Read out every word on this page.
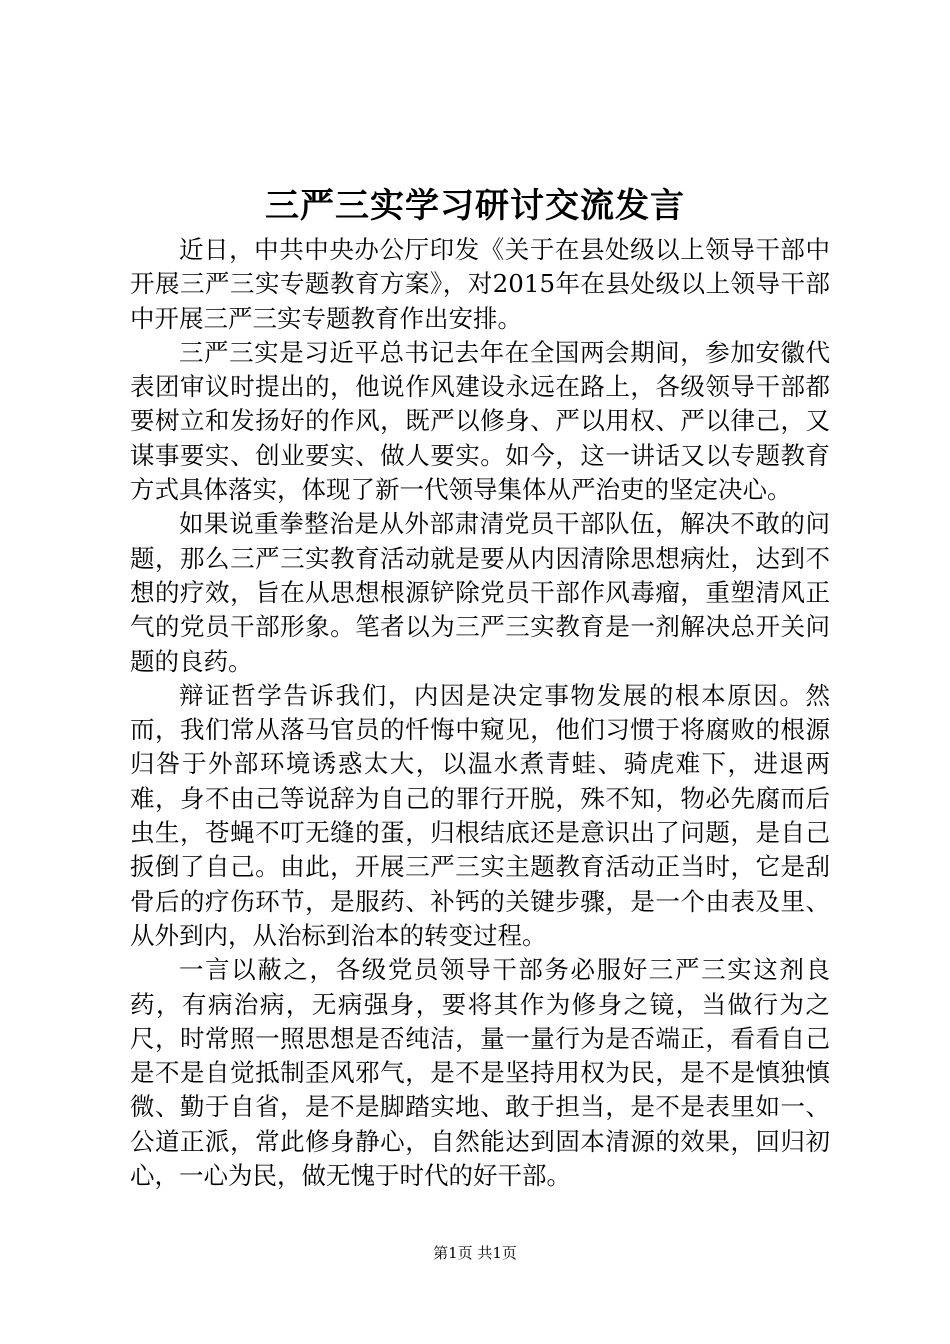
三严三实学习研讨交流发言

近日，中共中央办公厅印发《关于在县处级以上领导干部中开展三严三实专题教育方案》，对2015年在县处级以上领导干部中开展三严三实专题教育作出安排。

三严三实是习近平总书记去年在全国两会期间，参加安徽代表团审议时提出的，他说作风建设永远在路上，各级领导干部都要树立和发扬好的作风，既严以修身、严以用权、严以律己，又谋事要实、创业要实、做人要实。如今，这一讲话又以专题教育方式具体落实，体现了新一代领导集体从严治吏的坚定决心。

如果说重拳整治是从外部肃清党员干部队伍，解决不敢的问题，那么三严三实教育活动就是要从内因清除思想病灶，达到不想的疗效，旨在从思想根源铲除党员干部作风毒瘤，重塑清风正气的党员干部形象。笔者以为三严三实教育是一剂解决总开关问题的良药。

辩证哲学告诉我们，内因是决定事物发展的根本原因。然而，我们常从落马官员的忏悔中窥见，他们习惯于将腐败的根源归咎于外部环境诱惑太大，以温水煮青蛙、骑虎难下，进退两难，身不由己等说辞为自己的罪行开脱，殊不知，物必先腐而后虫生，苍蝇不叮无缝的蛋，归根结底还是意识出了问题，是自己扳倒了自己。由此，开展三严三实主题教育活动正当时，它是刮骨后的疗伤环节，是服药、补钙的关键步骤，是一个由表及里、从外到内，从治标到治本的转变过程。

一言以蔽之，各级党员领导干部务必服好三严三实这剂良药，有病治病，无病强身，要将其作为修身之镜，当做行为之尺，时常照一照思想是否纯洁，量一量行为是否端正，看看自己是不是自觉抵制歪风邪气，是不是坚持用权为民，是不是慎独慎微、勤于自省，是不是脚踏实地、敢于担当，是不是表里如一、公道正派，常此修身静心，自然能达到固本清源的效果，回归初心，一心为民，做无愧于时代的好干部。

第1页 共1页
